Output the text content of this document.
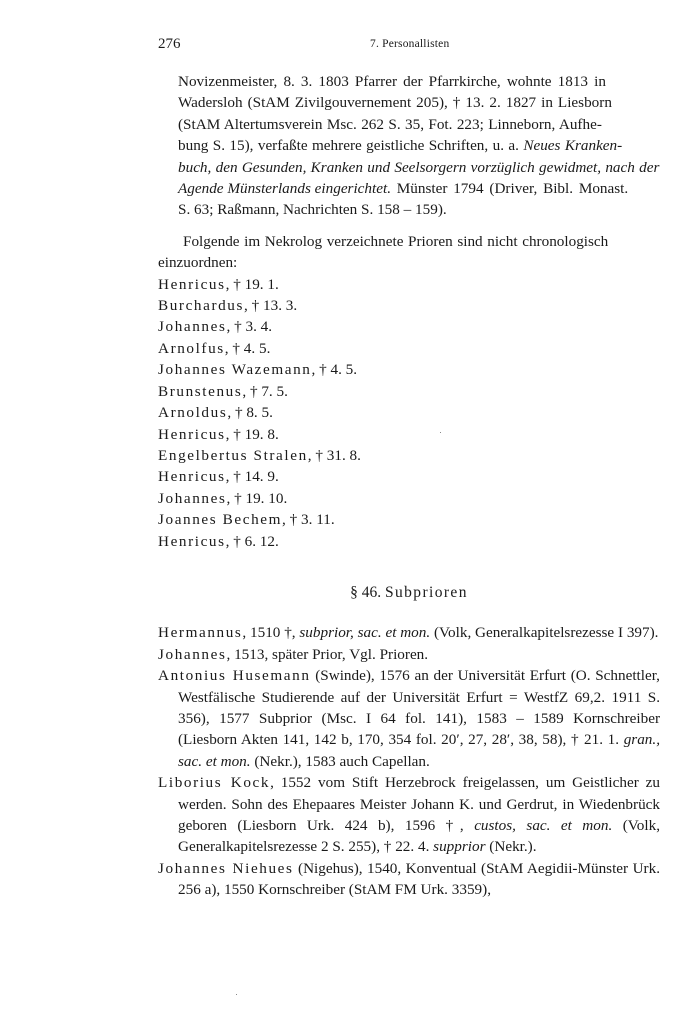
276	7. Personallisten
Novizenmeister, 8. 3. 1803 Pfarrer der Pfarrkirche, wohnte 1813 in
Wadersloh (StAM Zivilgouvernement 205), † 13. 2. 1827 in Liesborn
(StAM Altertumsverein Msc. 262 S. 35, Fot. 223; Linneborn, Aufhe-
bung S. 15), verfaßte mehrere geistliche Schriften, u. a. Neues Kranken-
buch, den Gesunden, Kranken und Seelsorgern vorzüglich gewidmet, nach der
Agende Münsterlands eingerichtet. Münster 1794 (Driver, Bibl. Monast.
S. 63; Raßmann, Nachrichten S. 158 – 159).
Folgende im Nekrolog verzeichnete Prioren sind nicht chronologisch
einzuordnen:
Henricus, † 19. 1.
Burchardus, † 13. 3.
Johannes, † 3. 4.
Arnolfus, † 4. 5.
Johannes Wazemann, † 4. 5.
Brunstenus, † 7. 5.
Arnoldus, † 8. 5.
Henricus, † 19. 8.
Engelbertus Stralen, † 31. 8.
Henricus, † 14. 9.
Johannes, † 19. 10.
Joannes Bechem, † 3. 11.
Henricus, † 6. 12.
§ 46. Subprioren
Hermannus, 1510 †, subprior, sac. et mon. (Volk, Generalkapitelsrezesse I 397).
Johannes, 1513, später Prior, Vgl. Prioren.
Antonius Husemann (Swinde), 1576 an der Universität Erfurt (O. Schnettler, Westfälische Studierende auf der Universität Erfurt = WestfZ 69,2. 1911 S. 356), 1577 Subprior (Msc. I 64 fol. 141), 1583 – 1589 Kornschreiber (Liesborn Akten 141, 142 b, 170, 354 fol. 20′, 27, 28′, 38, 58), † 21. 1. gran., sac. et mon. (Nekr.), 1583 auch Capellan.
Liborius Kock, 1552 vom Stift Herzebrock freigelassen, um Geistlicher zu werden. Sohn des Ehepaares Meister Johann K. und Gerdrut, in Wiedenbrück geboren (Liesborn Urk. 424 b), 1596 †, custos, sac. et mon. (Volk, Generalkapitelsrezesse 2 S. 255), † 22. 4. supprior (Nekr.).
Johannes Niehues (Nigehus), 1540, Konventual (StAM Aegidii-Münster Urk. 256 a), 1550 Kornschreiber (StAM FM Urk. 3359),
